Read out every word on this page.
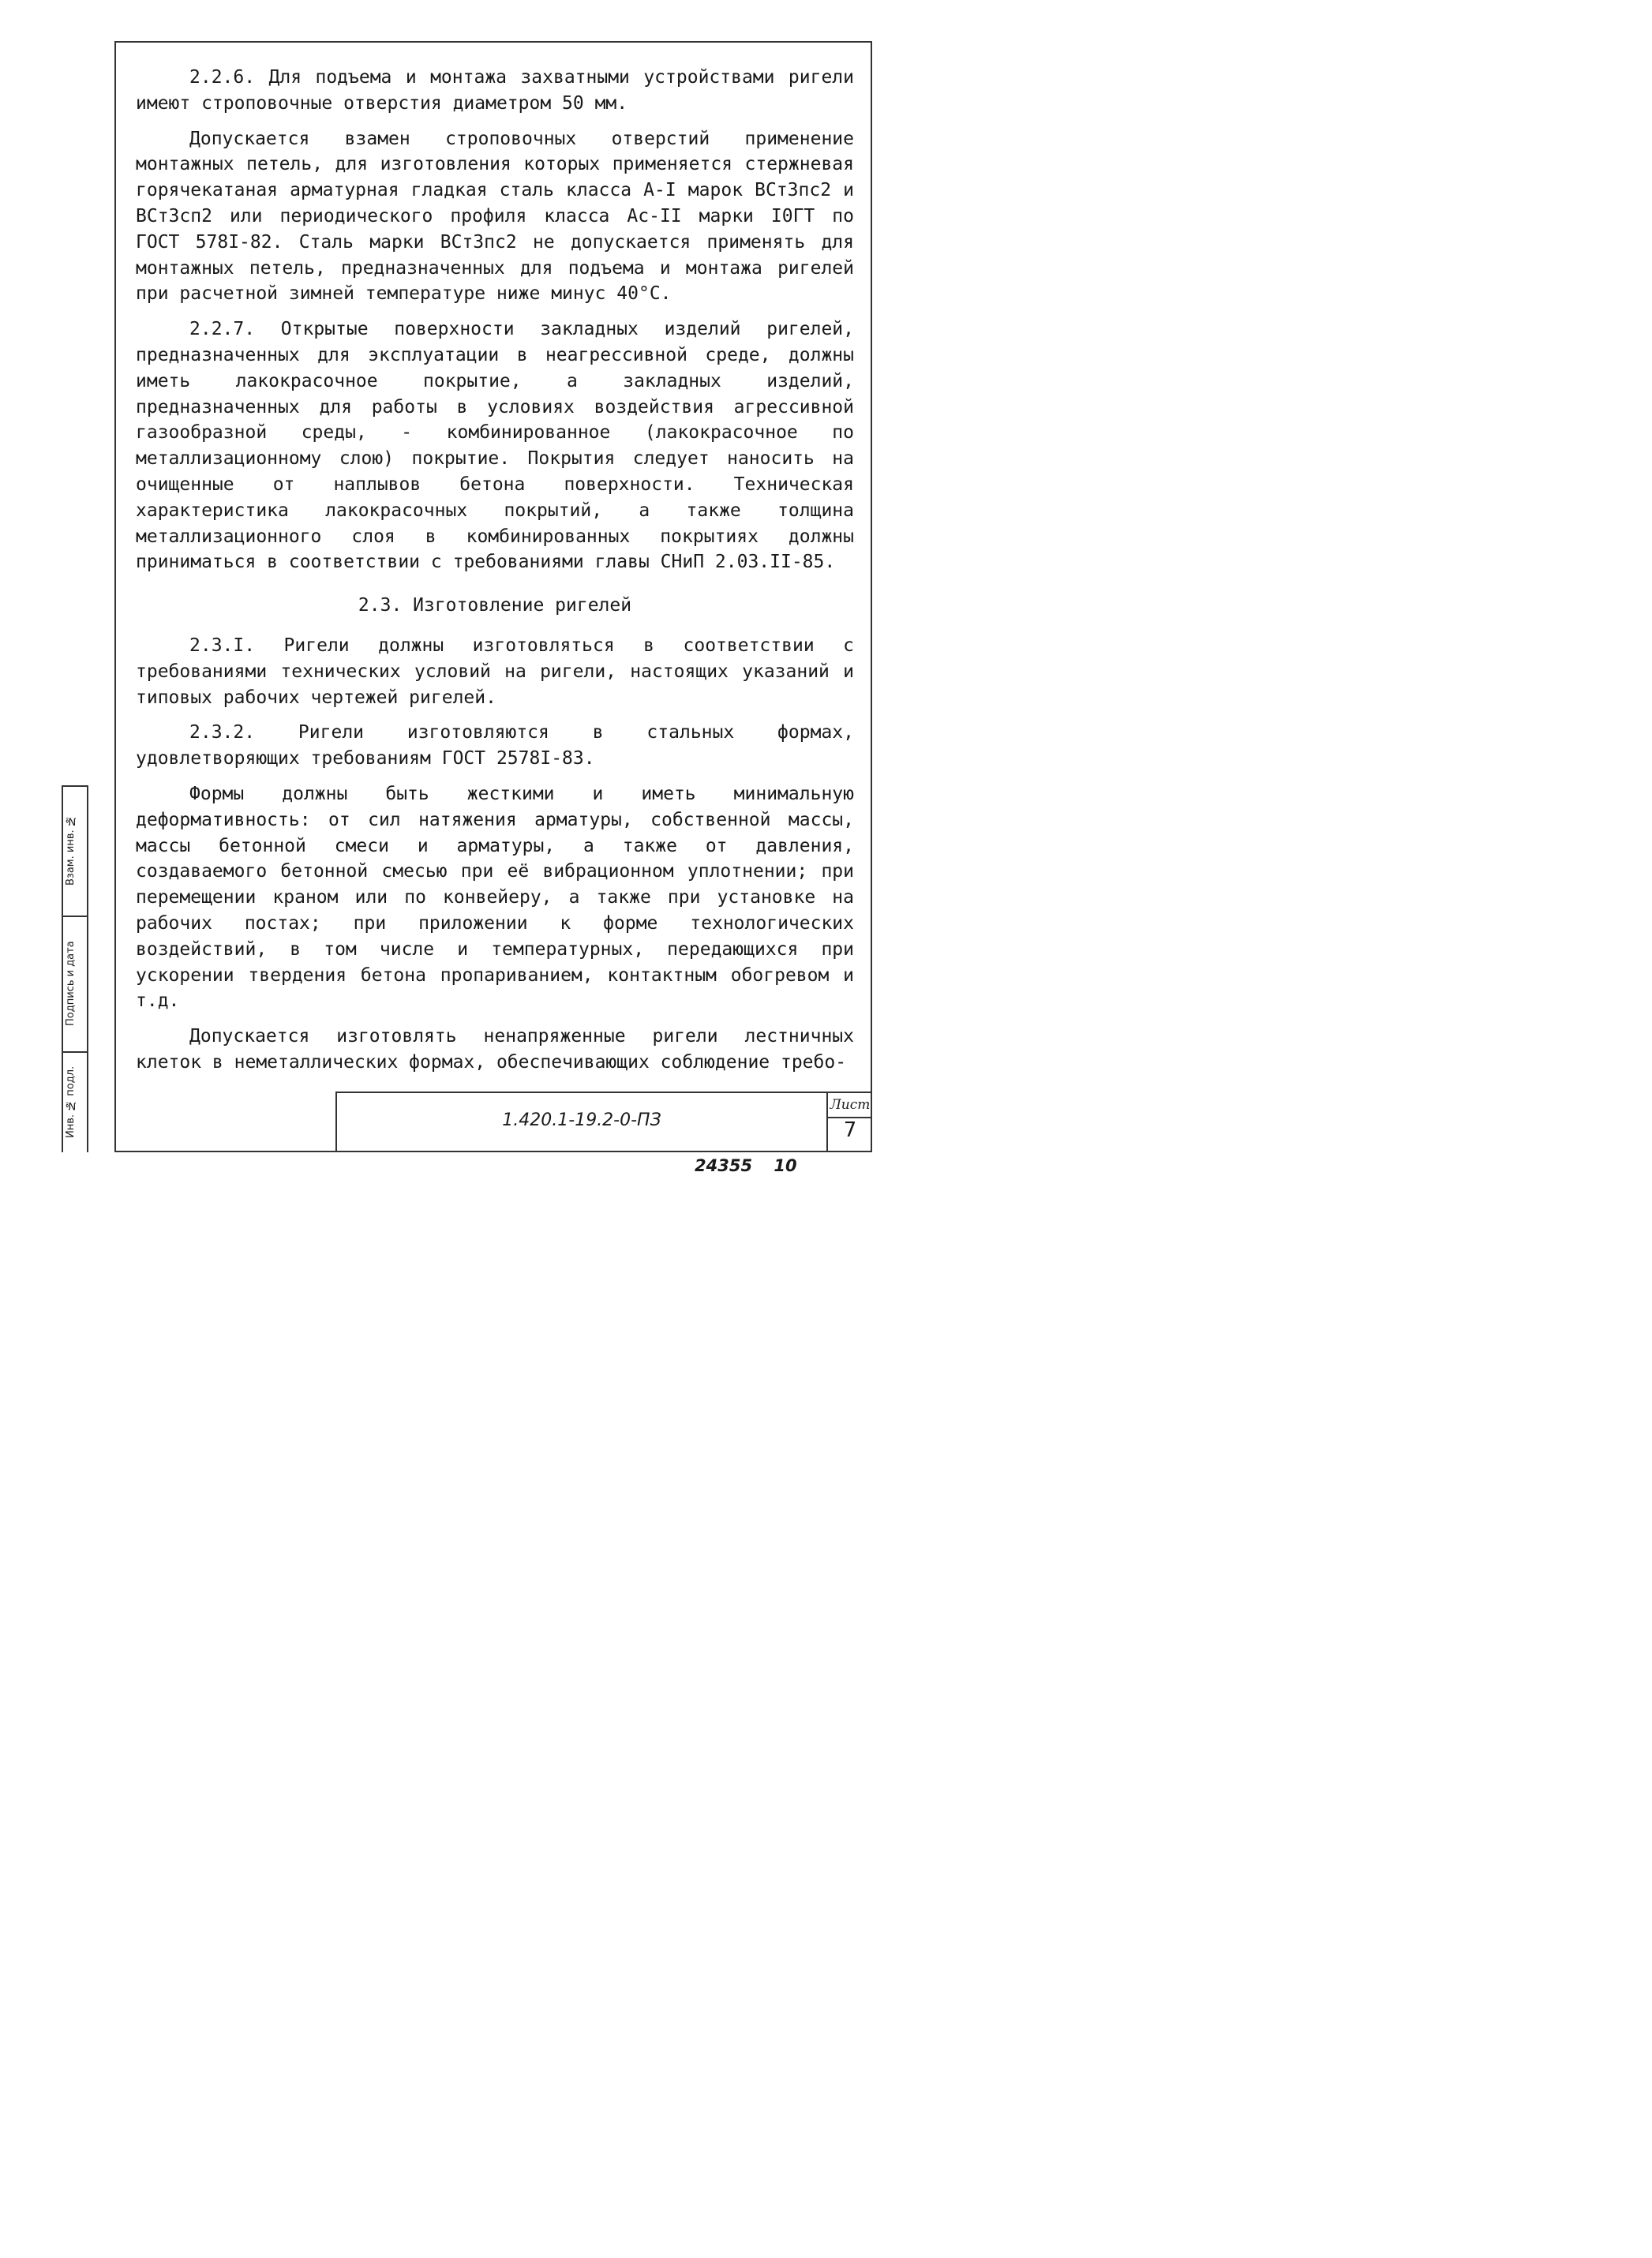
2.2.6. Для подъема и монтажа захватными устройствами ригели имеют строповочные отверстия диаметром 50 мм.

Допускается взамен строповочных отверстий применение монтажных петель, для изготовления которых применяется стержневая горячекатаная арматурная гладкая сталь класса А-I марок ВСт3пс2 и ВСт3сп2 или периодического профиля класса Ас-II марки I0ГТ по ГОСТ 578I-82. Сталь марки ВСт3пс2 не допускается применять для монтажных петель, предназначенных для подъема и монтажа ригелей при расчетной зимней температуре ниже минус 40°С.

2.2.7. Открытые поверхности закладных изделий ригелей, предназначенных для эксплуатации в неагрессивной среде, должны иметь лакокрасочное покрытие, а закладных изделий, предназначенных для работы в условиях воздействия агрессивной газообразной среды, - комбинированное (лакокрасочное по металлизационному слою) покрытие. Покрытия следует наносить на очищенные от наплывов бетона поверхности. Техническая характеристика лакокрасочных покрытий, а также толщина металлизационного слоя в комбинированных покрытиях должны приниматься в соответствии с требованиями главы СНиП 2.03.II-85.

2.3. Изготовление ригелей

2.3.I. Ригели должны изготовляться в соответствии с требованиями технических условий на ригели, настоящих указаний и типовых рабочих чертежей ригелей.

2.3.2. Ригели изготовляются в стальных формах, удовлетворяющих требованиям ГОСТ 2578I-83.

Формы должны быть жесткими и иметь минимальную деформативность: от сил натяжения арматуры, собственной массы, массы бетонной смеси и арматуры, а также от давления, создаваемого бетонной смесью при её вибрационном уплотнении; при перемещении краном или по конвейеру, а также при установке на рабочих постах; при приложении к форме технологических воздействий, в том числе и температурных, передающихся при ускорении твердения бетона пропариванием, контактным обогревом и т.д.

Допускается изготовлять ненапряженные ригели лестничных клеток в неметаллических формах, обеспечивающих соблюдение требо-

Взам. инв. №
Подпись и дата
Инв. № подл.	1.420.1-19.2-0-ПЗ
Лист
7
24355 10
